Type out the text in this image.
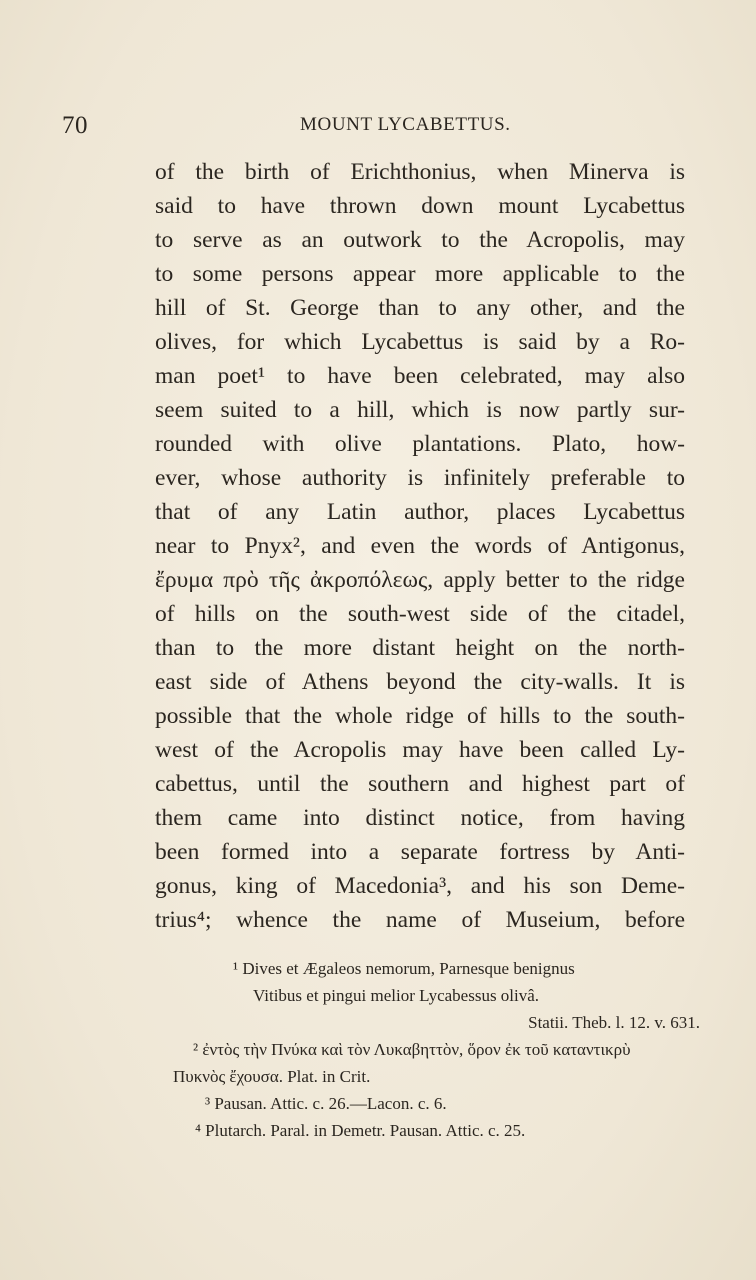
70	MOUNT LYCABETTUS.
of the birth of Erichthonius, when Minerva is
said to have thrown down mount Lycabettus
to serve as an outwork to the Acropolis, may
to some persons appear more applicable to the
hill of St. George than to any other, and the
olives, for which Lycabettus is said by a Ro-
man poet¹ to have been celebrated, may also
seem suited to a hill, which is now partly sur-
rounded with olive plantations. Plato, how-
ever, whose authority is infinitely preferable to
that of any Latin author, places Lycabettus
near to Pnyx², and even the words of Antigonus,
ἔρυμα πρὸ τῆς ἀκροπόλεως, apply better to the ridge
of hills on the south-west side of the citadel,
than to the more distant height on the north-
east side of Athens beyond the city-walls. It is
possible that the whole ridge of hills to the south-
west of the Acropolis may have been called Ly-
cabettus, until the southern and highest part of
them came into distinct notice, from having
been formed into a separate fortress by Anti-
gonus, king of Macedonia³, and his son Deme-
trius⁴; whence the name of Museium, before
¹ Dives et Ægaleos nemorum, Parnesque benignus
Vitibus et pingui melior Lycabessus olivâ.
Statii. Theb. l. 12. v. 631.
² ἐντὸς τὴν Πνύκα καὶ τὸν Λυκαβηττὸν, ὅρον ἐκ τοῦ καταντικρὺ
Πυκνὸς ἔχουσα. Plat. in Crit.
³ Pausan. Attic. c. 26.—Lacon. c. 6.
⁴ Plutarch. Paral. in Demetr. Pausan. Attic. c. 25.
